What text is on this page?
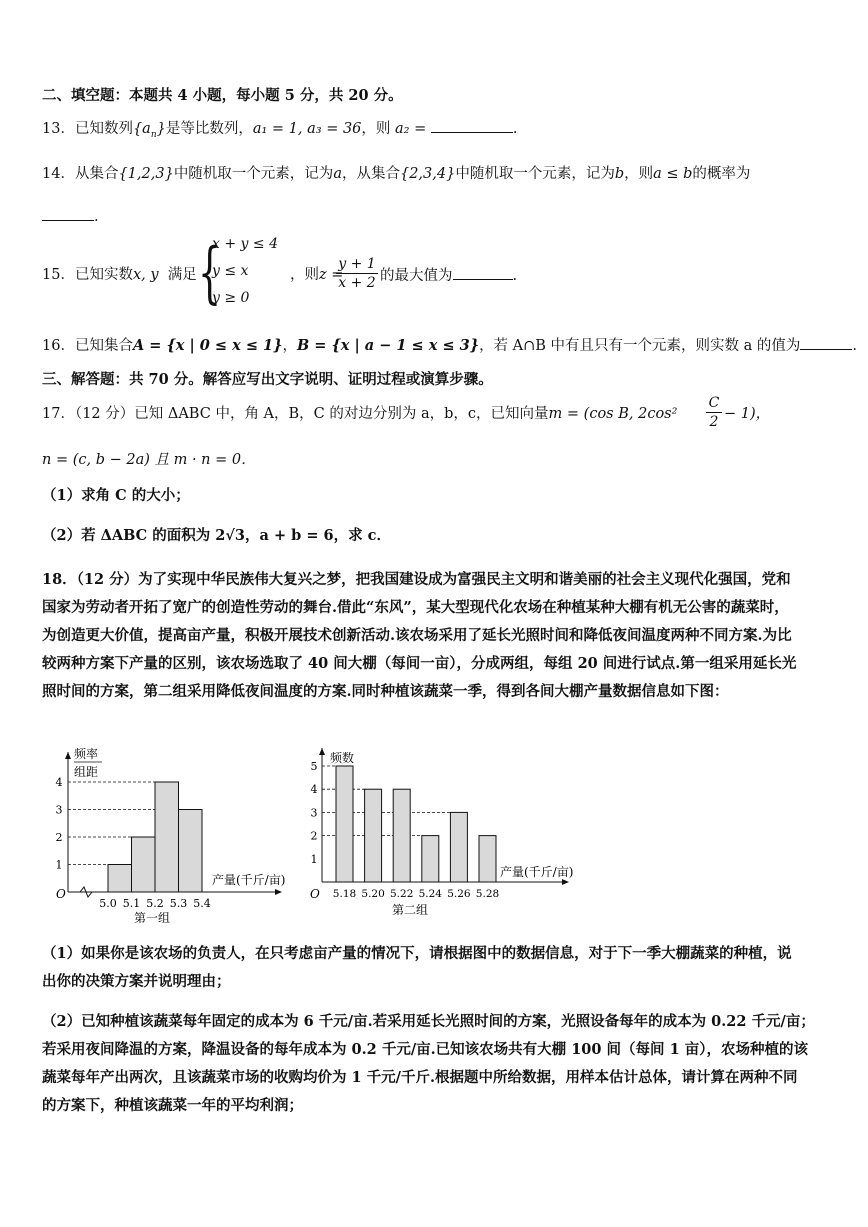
二、填空题：本题共 4 小题，每小题 5 分，共 20 分。
13．已知数列$\{a_n\}$是等比数列，a₁ = 1, a₃ = 36，则 a₂ =	.
14．从集合{1,2,3}中随机取一个元素，记为a，从集合{2,3,4}中随机取一个元素，记为b，则a ≤ b的概率为
.
15．已知实数x, y 满足 {
x + y ≤ 4
y ≤ x
y ≥ 0
，则z =
$\frac{y + 1}{x + 2}$ 的最大值为	.
16．已知集合A = {x | 0 ≤ x ≤ 1}，B = {x | a − 1 ≤ x ≤ 3}，若 A∩B 中有且只有一个元素，则实数 a 的值为	.
三、解答题：共 70 分。解答应写出文字说明、证明过程或演算步骤。
17．（12 分）已知 ΔABC 中，角 A，B，C 的对边分别为 a，b，c，已知向量m = (cos B, 2cos²	$\frac{C}{2} - 1$)，
n = (c, b − 2a) 且 m · n = 0．
（1）求角 C 的大小；
（2）若 ΔABC 的面积为 2√3，a + b = 6，求 c．
18．（12 分）为了实现中华民族伟大复兴之梦，把我国建设成为富强民主文明和谐美丽的社会主义现代化强国，党和
国家为劳动者开拓了宽广的创造性劳动的舞台.借此“东风”，某大型现代化农场在种植某种大棚有机无公害的蔬菜时，
为创造更大价值，提高亩产量，积极开展技术创新活动.该农场采用了延长光照时间和降低夜间温度两种不同方案.为比
较两种方案下产量的区别，该农场选取了 40 间大棚（每间一亩），分成两组，每组 20 间进行试点.第一组采用延长光
照时间的方案，第二组采用降低夜间温度的方案.同时种植该蔬菜一季，得到各间大棚产量数据信息如下图：
O
频率
组距
1
2
3
4
5.0 5.1 5.2 5.3 5.4
产量(千斤/亩)
第一组
O
频数
1
2
3
4
5
5.18 5.20 5.22 5.24 5.26 5.28
产量(千斤/亩)
第二组
（1）如果你是该农场的负责人，在只考虑亩产量的情况下，请根据图中的数据信息，对于下一季大棚蔬菜的种植，说
出你的决策方案并说明理由；
（2）已知种植该蔬菜每年固定的成本为 6 千元/亩.若采用延长光照时间的方案，光照设备每年的成本为 0.22 千元/亩；
若采用夜间降温的方案，降温设备的每年成本为 0.2 千元/亩.已知该农场共有大棚 100 间（每间 1 亩），农场种植的该
蔬菜每年产出两次，且该蔬菜市场的收购均价为 1 千元/千斤.根据题中所给数据，用样本估计总体，请计算在两种不同
的方案下，种植该蔬菜一年的平均利润；
